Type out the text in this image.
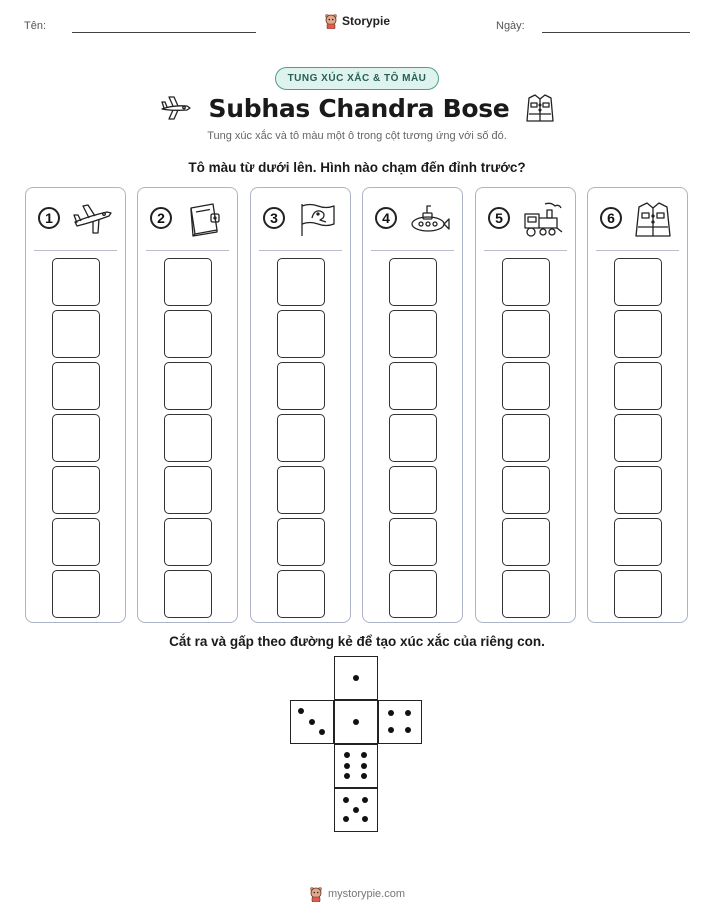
Tên:	Storypie	Ngày:
TUNG XÚC XẮC & TÔ MÀU
Subhas Chandra Bose
Tung xúc xắc và tô màu một ô trong cột tương ứng với số đó.
Tô màu từ dưới lên. Hình nào chạm đến đỉnh trước?
1	2	3	4	5	6
Cắt ra và gấp theo đường kẻ để tạo xúc xắc của riêng con.
mystorypie.com
